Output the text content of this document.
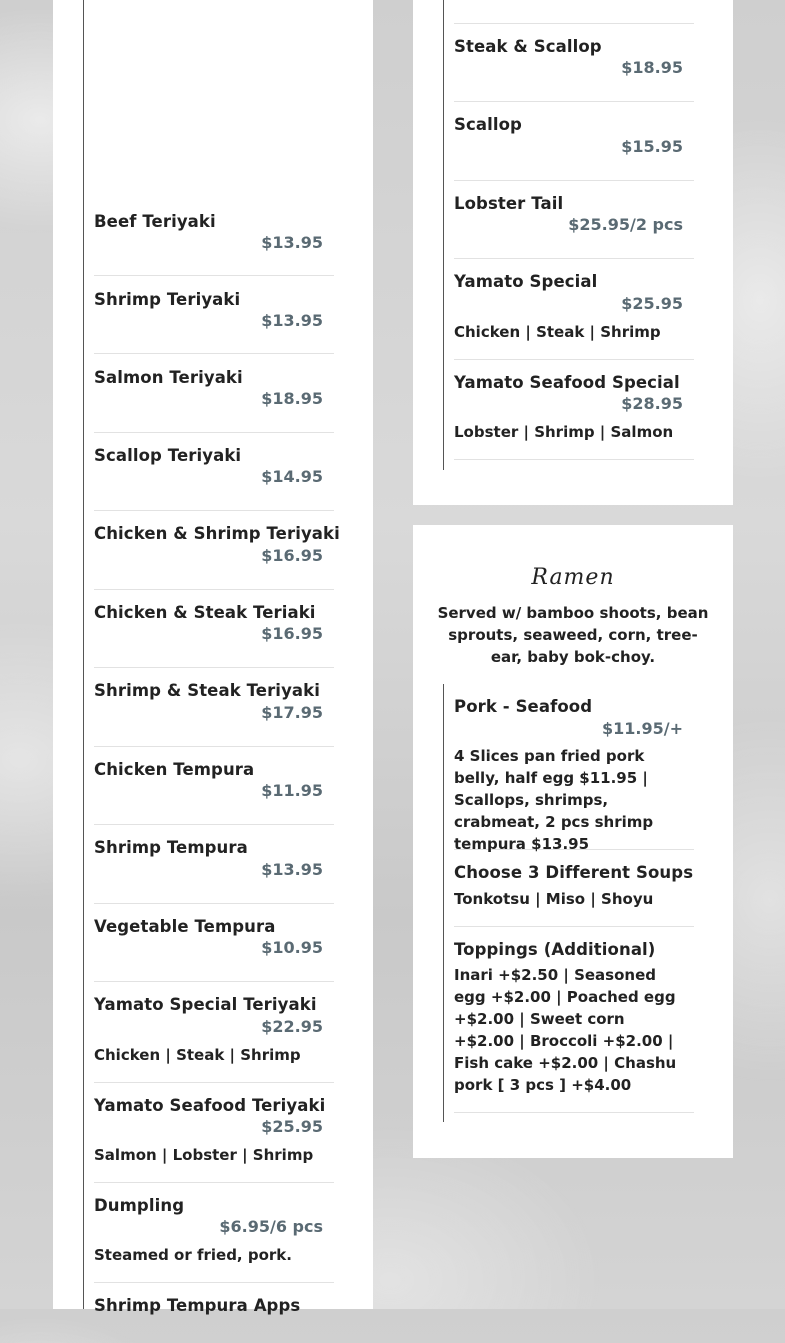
Beef Teriyaki
$13.95
Shrimp Teriyaki
$13.95
Salmon Teriyaki
$18.95
Scallop Teriyaki
$14.95
Chicken & Shrimp Teriyaki
$16.95
Chicken & Steak Teriaki
$16.95
Shrimp & Steak Teriyaki
$17.95
Chicken Tempura
$11.95
Shrimp Tempura
$13.95
Vegetable Tempura
$10.95
Yamato Special Teriyaki
$22.95
Chicken | Steak | Shrimp
Yamato Seafood Teriyaki
$25.95
Salmon | Lobster | Shrimp
Dumpling
$6.95/6 pcs
Steamed or fried, pork.
Shrimp Tempura Apps
Steak & Scallop
$18.95
Scallop
$15.95
Lobster Tail
$25.95/2 pcs
Yamato Special
$25.95
Chicken | Steak | Shrimp
Yamato Seafood Special
$28.95
Lobster | Shrimp | Salmon
Ramen
Served w/ bamboo shoots, bean sprouts, seaweed, corn, tree-ear, baby bok-choy.
Pork - Seafood
$11.95/+
4 Slices pan fried pork belly, half egg $11.95 | Scallops, shrimps, crabmeat, 2 pcs shrimp tempura $13.95
Choose 3 Different Soups
Tonkotsu | Miso | Shoyu
Toppings (Additional)
Inari +$2.50 | Seasoned egg +$2.00 | Poached egg +$2.00 | Sweet corn +$2.00 | Broccoli +$2.00 | Fish cake +$2.00 | Chashu pork [ 3 pcs ] +$4.00
